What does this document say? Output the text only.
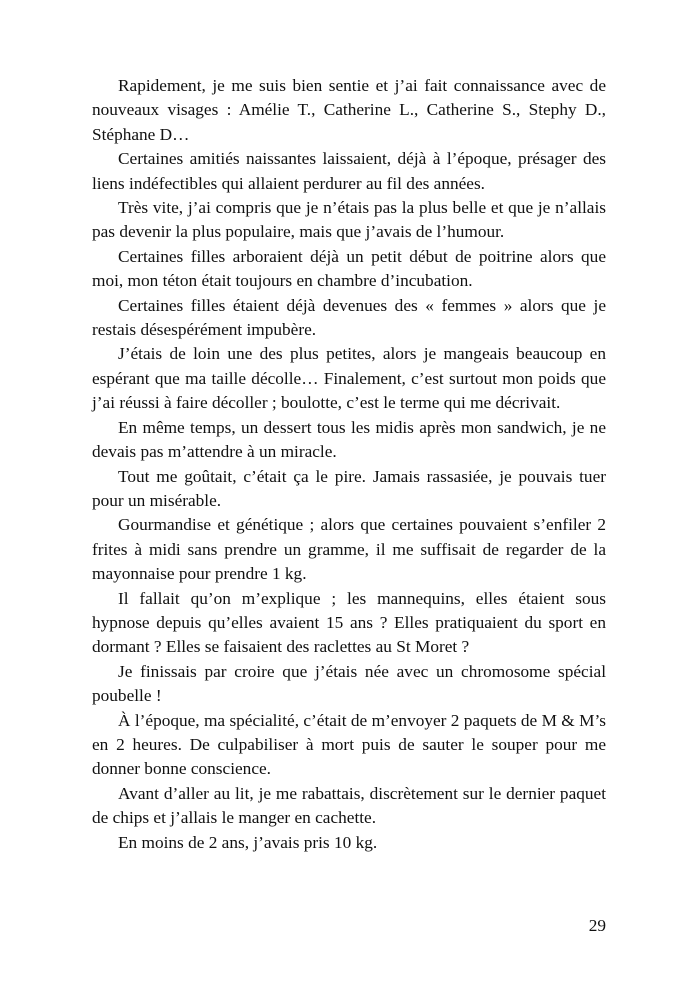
Rapidement, je me suis bien sentie et j’ai fait connaissance avec de nouveaux visages : Amélie T., Catherine L., Catherine S., Stephy D., Stéphane D…

Certaines amitiés naissantes laissaient, déjà à l’époque, présager des liens indéfectibles qui allaient perdurer au fil des années.

Très vite, j’ai compris que je n’étais pas la plus belle et que je n’allais pas devenir la plus populaire, mais que j’avais de l’humour.

Certaines filles arboraient déjà un petit début de poitrine alors que moi, mon téton était toujours en chambre d’incubation.

Certaines filles étaient déjà devenues des « femmes » alors que je restais désespérément impubère.

J’étais de loin une des plus petites, alors je mangeais beaucoup en espérant que ma taille décolle… Finalement, c’est surtout mon poids que j’ai réussi à faire décoller ; boulotte, c’est le terme qui me décrivait.

En même temps, un dessert tous les midis après mon sandwich, je ne devais pas m’attendre à un miracle.

Tout me goûtait, c’était ça le pire. Jamais rassasiée, je pouvais tuer pour un misérable.

Gourmandise et génétique ; alors que certaines pouvaient s’enfiler 2 frites à midi sans prendre un gramme, il me suffisait de regarder de la mayonnaise pour prendre 1 kg.

Il fallait qu’on m’explique ; les mannequins, elles étaient sous hypnose depuis qu’elles avaient 15 ans ? Elles pratiquaient du sport en dormant ? Elles se faisaient des raclettes au St Moret ?

Je finissais par croire que j’étais née avec un chromosome spécial poubelle !

À l’époque, ma spécialité, c’était de m’envoyer 2 paquets de M & M’s en 2 heures. De culpabiliser à mort puis de sauter le souper pour me donner bonne conscience.

Avant d’aller au lit, je me rabattais, discrètement sur le dernier paquet de chips et j’allais le manger en cachette.

En moins de 2 ans, j’avais pris 10 kg.

29
